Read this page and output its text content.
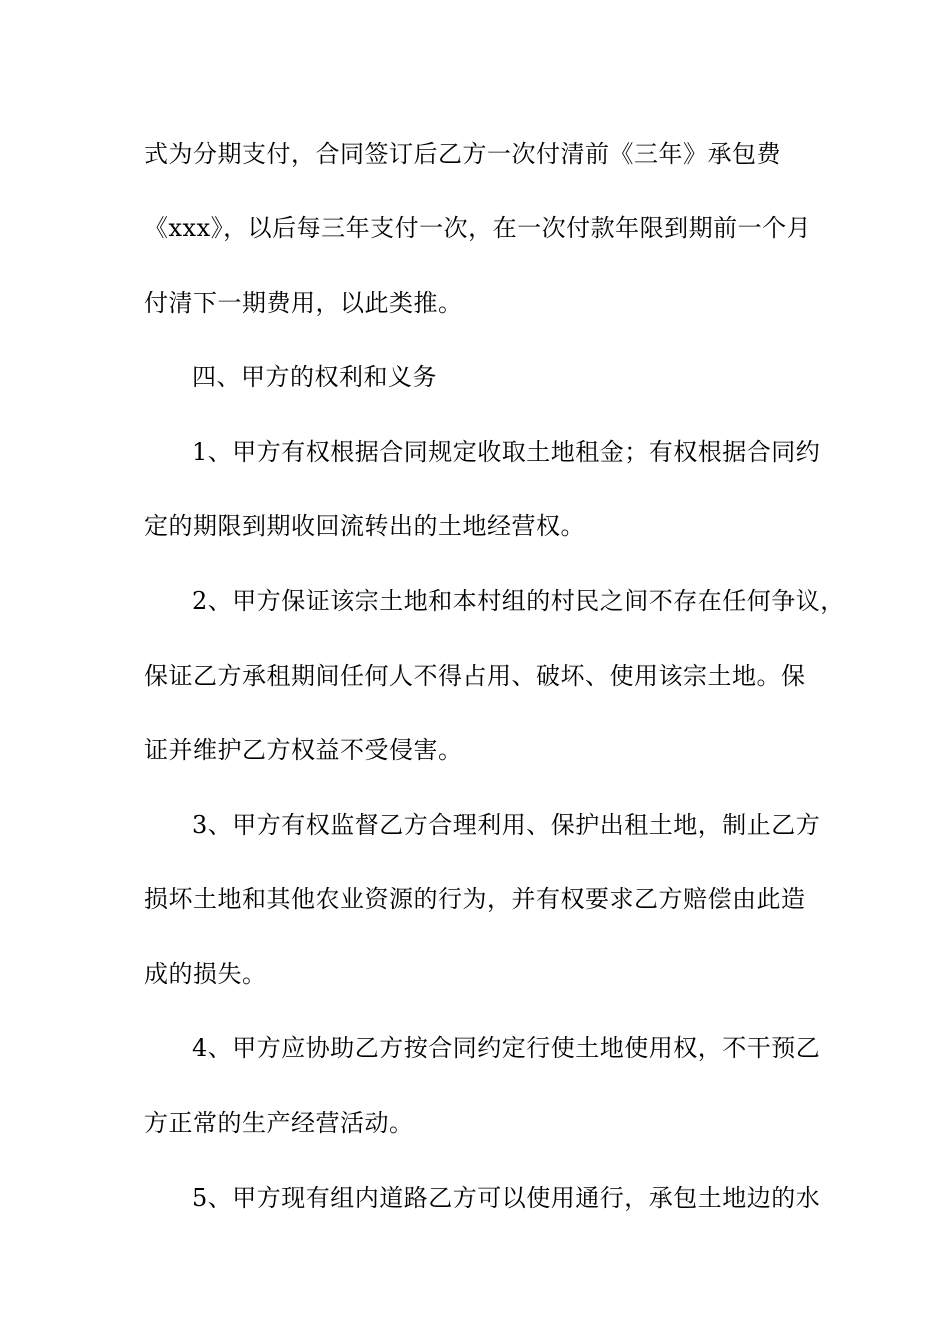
式为分期支付，合同签订后乙方一次付清前《三年》承包费
《xxx》，以后每三年支付一次，在一次付款年限到期前一个月
付清下一期费用，以此类推。
四、甲方的权利和义务
1、甲方有权根据合同规定收取土地租金；有权根据合同约
定的期限到期收回流转出的土地经营权。
2、甲方保证该宗土地和本村组的村民之间不存在任何争议，
保证乙方承租期间任何人不得占用、破坏、使用该宗土地。保
证并维护乙方权益不受侵害。
3、甲方有权监督乙方合理利用、保护出租土地，制止乙方
损坏土地和其他农业资源的行为，并有权要求乙方赔偿由此造
成的损失。
4、甲方应协助乙方按合同约定行使土地使用权，不干预乙
方正常的生产经营活动。
5、甲方现有组内道路乙方可以使用通行，承包土地边的水
